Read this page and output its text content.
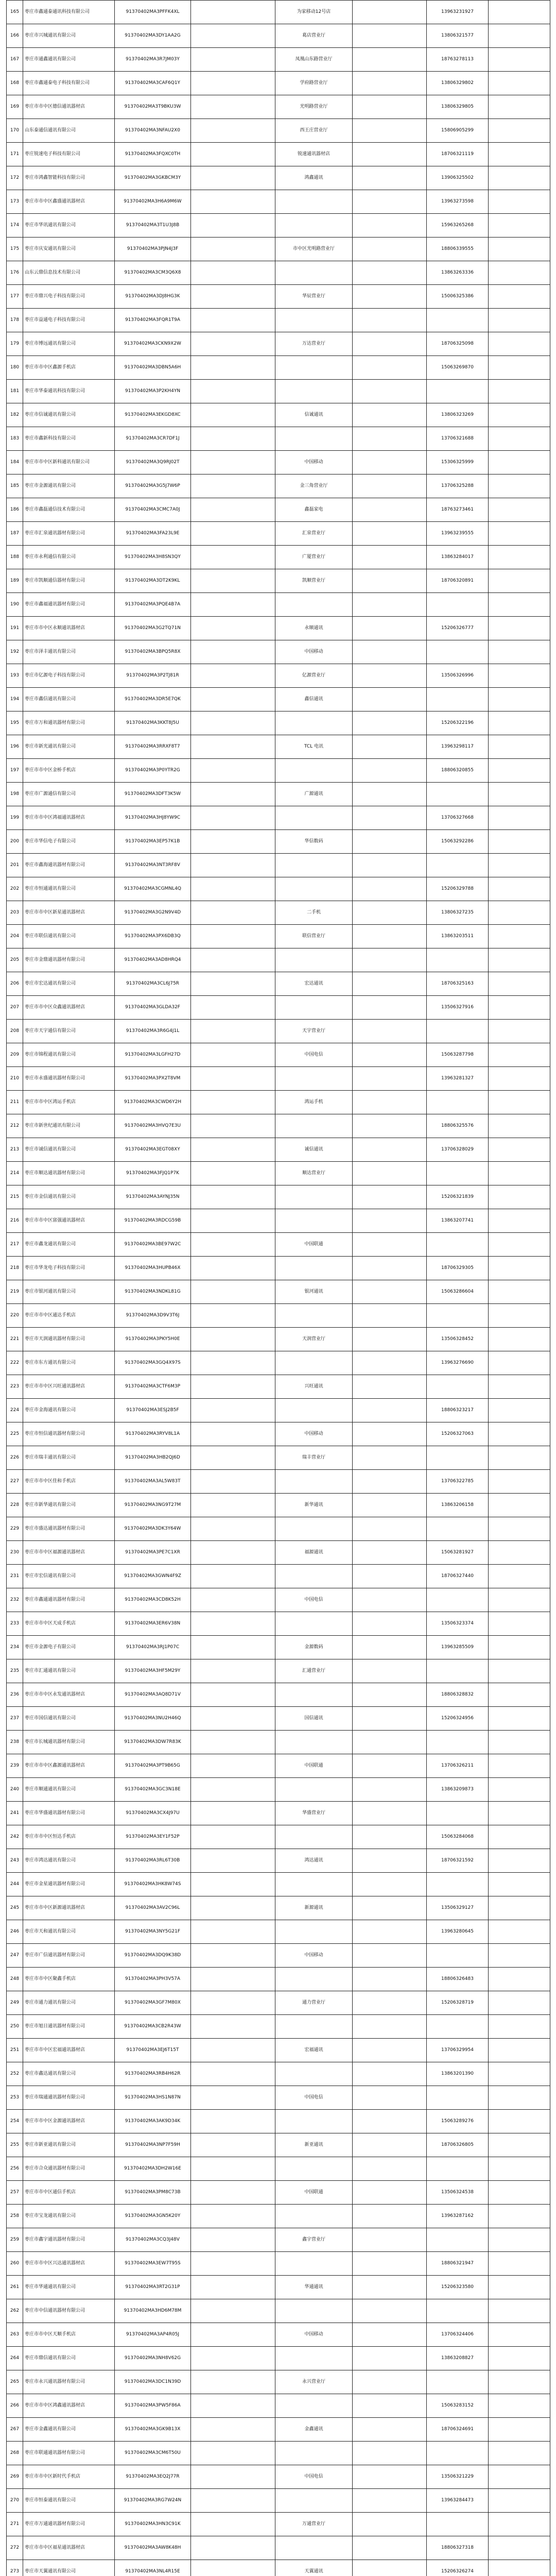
165	枣庄市鑫通泰通讯科技有限公司	91370402MA3PFFK4XL		为家移动12号店		13963231927	
166	枣庄市兴城通讯有限公司	91370402MA3DY1AA2G		葛店营业厅		13806321577	
167	枣庄市通鑫通讯有限公司	91370402MA3R7JM03Y		凤凰山东路营业厅		18763278113	
168	枣庄市鑫通泰电子科技有限公司	91370402MA3CAF6Q1Y		学府路营业厅		13806329802	
169	枣庄市市中区德信通讯器材店	91370402MA3T9BKU3W		光明路营业厅		13806329805	
170	山东泰通信通讯有限公司	91370402MA3NFAU2X0		西王庄营业厅		15806905299	
171	枣庄锐速电子科技有限公司	91370402MA3FQXC0TH		锐速通讯器材店		18706321119	
172	枣庄市鸿鑫智能科技有限公司	91370402MA3GKBCM3Y		鸿鑫通讯		13906325502	
173	枣庄市市中区鑫盛通讯器材店	91370402MA3H6A9M6W				13963273598	
174	枣庄市华讯通讯有限公司	91370402MA3T1U3J8B				15963265268	
175	枣庄市庆安通讯有限公司	91370402MA3PJN4J3F		市中区光明路营业厅		18806339555	
176	山东云鼎信息技术有限公司	91370402MA3CM3Q6X8				13863263336	
177	枣庄市鼎兴电子科技有限公司	91370402MA3DJ8HG3K		华辰营业厅		15006325386	
178	枣庄市益通电子科技有限公司	91370402MA3FQR1T9A					
179	枣庄市博远通讯有限公司	91370402MA3CKN9X2W		万达营业厅		18706325098	
180	枣庄市市中区鑫源手机店	91370402MA3DBN5A6H				15063269870	
181	枣庄市华泰通讯科技有限公司	91370402MA3P2KH4YN					
182	枣庄市信诚通讯有限公司	91370402MA3EKGD8XC		信诚通讯		13806323269	
183	枣庄市鑫新科技有限公司	91370402MA3CR7DF1J				13706321688	
184	枣庄市市中区新科通讯有限公司	91370402MA3Q9RJ02T		中国移动		15306325999	
185	枣庄市金源通讯有限公司	91370402MA3G5J7W6P		金三角营业厅		13706325288	
186	枣庄市鑫磊通信技术有限公司	91370402MA3CMC7A0J		鑫磊家电		18763273461	
187	枣庄市汇泉通讯器材有限公司	91370402MA3FA23L9E		汇泉营业厅		13963239555	
188	枣庄市永利通信有限公司	91370402MA3H8SN3QY		广厦营业厅		13863284017	
189	枣庄市凯顺通信器材有限公司	91370402MA3DT2K9KL		凯顺营业厅		18706320891	
190	枣庄市鑫福通讯器材有限公司	91370402MA3PQE4B7A					
191	枣庄市市中区永顺通讯器材店	91370402MA3G2TQ71N		永顺通讯		15206326777	
192	枣庄市泽丰通讯有限公司	91370402MA3BPQ5R8X		中国移动			
193	枣庄市亿源电子科技有限公司	91370402MA3P2TJ81R		亿源营业厅		13506326996	
194	枣庄市鑫信通讯有限公司	91370402MA3DR5E7QK		鑫信通讯			
195	枣庄市万和通讯器材有限公司	91370402MA3KKT8J5U				15206322196	
196	枣庄市新光通讯有限公司	91370402MA3RRXF8T7		TCL 电讯		13963298117	
197	枣庄市市中区金桥手机店	91370402MA3P0YTR2G				18806320855	
198	枣庄市广源通信有限公司	91370402MA3DFT3K5W		广源通讯			
199	枣庄市市中区鸿福通讯器材店	91370402MA3HJ8YW9C				13706327668	
200	枣庄市华信电子有限公司	91370402MA3EP57K1B		华信数码		15063292286	
201	枣庄市鑫海通讯器材有限公司	91370402MA3NT3RF8V					
202	枣庄市恒通通讯有限公司	91370402MA3CGMNL4Q				15206329788	
203	枣庄市市中区新星通讯器材店	91370402MA3G2N9V4D		二手机		13806327235	
204	枣庄市联信通讯有限公司	91370402MA3PX6DB3Q		联信营业厅		13863203511	
205	枣庄市金鼎通讯器材有限公司	91370402MA3AD8HRQ4					
206	枣庄市宏达通讯有限公司	91370402MA3CL6J75R		宏达通讯		18706325163	
207	枣庄市市中区众鑫通讯器材店	91370402MA3GLDA32F				13506327916	
208	枣庄市天宇通信有限公司	91370402MA3R6G4J1L		天宇营业厅			
209	枣庄市锦程通讯有限公司	91370402MA3LGFH27D		中国电信		15063287798	
210	枣庄市永盛通讯器材有限公司	91370402MA3PX2T8VM				13963281327	
211	枣庄市市中区鸿运手机店	91370402MA3CWD6Y2H		鸿运手机			
212	枣庄市新世纪通讯有限公司	91370402MA3HVQ7E3U				18806325576	
213	枣庄市诚信通讯有限公司	91370402MA3EGT08XY		诚信通讯		13706328029	
214	枣庄市顺达通讯器材有限公司	91370402MA3FJQ1P7K		顺达营业厅			
215	枣庄市金信通讯有限公司	91370402MA3AYNJ35N				15206321839	
216	枣庄市市中区富强通讯器材店	91370402MA3RDCG59B				13863207741	
217	枣庄市鑫龙通讯有限公司	91370402MA3BE97W2C		中国联通			
218	枣庄市华龙电子科技有限公司	91370402MA3HUPB46X				18706329305	
219	枣庄市银河通讯有限公司	91370402MA3NDKL81G		银河通讯		15063286604	
220	枣庄市市中区通达手机店	91370402MA3D9V3T6J					
221	枣庄市天润通讯器材有限公司	91370402MA3PKY5H0E		天润营业厅		13506328452	
222	枣庄市东方通讯有限公司	91370402MA3GQ4X97S				13963276690	
223	枣庄市市中区兴旺通讯器材店	91370402MA3CTF6M3P		兴旺通讯			
224	枣庄市金海通讯有限公司	91370402MA3ESJ2B5F				18806323217	
225	枣庄市恒信通讯器材有限公司	91370402MA3RYV8L1A		中国移动		15206327063	
226	枣庄市瑞丰通讯有限公司	91370402MA3HB2QJ6D		瑞丰营业厅			
227	枣庄市市中区佳和手机店	91370402MA3AL5W83T				13706322785	
228	枣庄市新华通讯有限公司	91370402MA3NG9T27M		新华通讯		13863206158	
229	枣庄市盛达通讯器材有限公司	91370402MA3DK3Y64W					
230	枣庄市市中区福源通讯器材店	91370402MA3PE7C1XR		福源通讯		15063281927	
231	枣庄市宏信通讯有限公司	91370402MA3GWN4F9Z				18706327440	
232	枣庄市鑫通通讯器材有限公司	91370402MA3CD8K52H		中国电信			
233	枣庄市市中区天成手机店	91370402MA3ER6V38N				13506323374	
234	枣庄市金源电子有限公司	91370402MA3RJ1P07C		金源数码		13963285509	
235	枣庄市汇通通讯有限公司	91370402MA3HF5M29Y		汇通营业厅			
236	枣庄市市中区永发通讯器材店	91370402MA3AQ8D71V				18806328832	
237	枣庄市国信通讯有限公司	91370402MA3NU2H46Q		国信通讯		15206324956	
238	枣庄市长城通讯器材有限公司	91370402MA3DW7R83K					
239	枣庄市市中区鑫源通讯器材店	91370402MA3PT9B65G		中国联通		13706326211	
240	枣庄市顺通通讯有限公司	91370402MA3GC3N18E				13863209873	
241	枣庄市华盛通讯器材有限公司	91370402MA3CX4J97U		华盛营业厅			
242	枣庄市市中区恒达手机店	91370402MA3EY1F52P				15063284068	
243	枣庄市鸿达通讯有限公司	91370402MA3RL6T30B		鸿达通讯		18706321592	
244	枣庄市金星通讯器材有限公司	91370402MA3HK8W74S					
245	枣庄市市中区新源通讯器材店	91370402MA3AV2C96L		新源通讯		13506329127	
246	枣庄市天和通讯有限公司	91370402MA3NY5G21F				13963280645	
247	枣庄市广信通讯器材有限公司	91370402MA3DQ9K38D		中国移动			
248	枣庄市市中区聚鑫手机店	91370402MA3PH3V57A				18806326483	
249	枣庄市通力通讯有限公司	91370402MA3GF7M80X		通力营业厅		15206328719	
250	枣庄市旭日通讯器材有限公司	91370402MA3CB2R43W					
251	枣庄市市中区宏福通讯器材店	91370402MA3EJ6T15T		宏福通讯		13706329954	
252	枣庄市鑫达通讯有限公司	91370402MA3RB4H62R				13863201390	
253	枣庄市瑞通通讯器材有限公司	91370402MA3HS1N87N		中国电信			
254	枣庄市市中区金源通讯器材店	91370402MA3AK9D34K				15063289276	
255	枣庄市新亚通讯有限公司	91370402MA3NP7F59H		新亚通讯		18706326805	
256	枣庄市合众通讯器材有限公司	91370402MA3DH2W16E					
257	枣庄市市中区通信手机店	91370402MA3PM8C73B		中国联通		13506324538	
258	枣庄市宝龙通讯有限公司	91370402MA3GN5K20Y				13963287162	
259	枣庄市鑫宇通讯器材有限公司	91370402MA3CQ3J48V		鑫宇营业厅			
260	枣庄市市中区兴达通讯器材店	91370402MA3EW7T95S				18806321947	
261	枣庄市华通通讯有限公司	91370402MA3RT2G31P		华通通讯		15206323580	
262	枣庄市中信通讯器材有限公司	91370402MA3HD6M78M					
263	枣庄市市中区天顺手机店	91370402MA3AP4R05J		中国移动		13706324406	
264	枣庄市鼎信通讯有限公司	91370402MA3NH8V62G				13863208827	
265	枣庄市永兴通讯器材有限公司	91370402MA3DC1N39D		永兴营业厅			
266	枣庄市市中区鸿鑫通讯器材店	91370402MA3PW5F86A				15063283152	
267	枣庄市金鑫通讯有限公司	91370402MA3GK9B13X		金鑫通讯		18706324691	
268	枣庄市联通通讯器材有限公司	91370402MA3CM6T50U					
269	枣庄市市中区新时代手机店	91370402MA3EQ2J77R		中国电信		13506321229	
270	枣庄市恒泰通讯有限公司	91370402MA3RG7W24N				13963284473	
271	枣庄市万通通讯器材有限公司	91370402MA3HN3C91K		万通营业厅			
272	枣庄市市中区福星通讯器材店	91370402MA3AW8K48H				18806327318	
273	枣庄市天翼通讯有限公司	91370402MA3NL4R15E		天翼通讯		15206326274	
